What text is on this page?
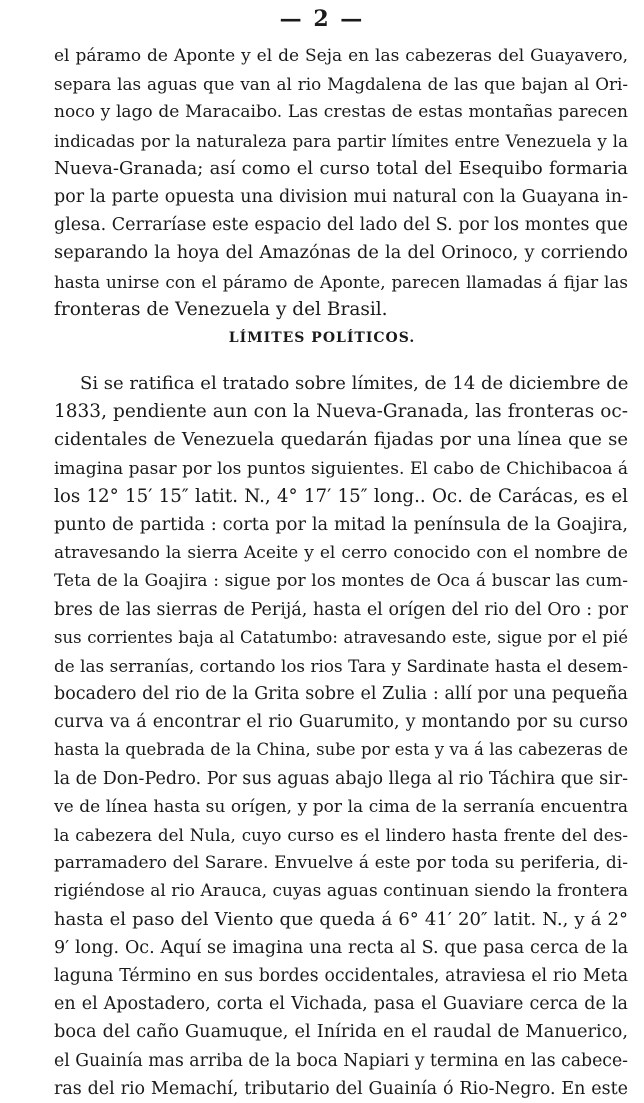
— 2 —
el páramo de Aponte y el de Seja en las cabezeras del Guayavero,
separa las aguas que van al rio Magdalena de las que bajan al Ori-
noco y lago de Maracaibo. Las crestas de estas montañas parecen
indicadas por la naturaleza para partir límites entre Venezuela y la
Nueva-Granada; así como el curso total del Esequibo formaria
por la parte opuesta una division mui natural con la Guayana in-
glesa. Cerraríase este espacio del lado del S. por los montes que
separando la hoya del Amazónas de la del Orinoco, y corriendo
hasta unirse con el páramo de Aponte, parecen llamadas á fijar las
fronteras de Venezuela y del Brasil.
LÍMITES POLÍTICOS.
Si se ratifica el tratado sobre límites, de 14 de diciembre de
1833, pendiente aun con la Nueva-Granada, las fronteras oc-
cidentales de Venezuela quedarán fijadas por una línea que se
imagina pasar por los puntos siguientes. El cabo de Chichibacoa á
los 12° 15′ 15″ latit. N., 4° 17′ 15″ long.. Oc. de Carácas, es el
punto de partida : corta por la mitad la península de la Goajira,
atravesando la sierra Aceite y el cerro conocido con el nombre de
Teta de la Goajira : sigue por los montes de Oca á buscar las cum-
bres de las sierras de Perijá, hasta el orígen del rio del Oro : por
sus corrientes baja al Catatumbo: atravesando este, sigue por el pié
de las serranías, cortando los rios Tara y Sardinate hasta el desem-
bocadero del rio de la Grita sobre el Zulia : allí por una pequeña
curva va á encontrar el rio Guarumito, y montando por su curso
hasta la quebrada de la China, sube por esta y va á las cabezeras de
la de Don-Pedro. Por sus aguas abajo llega al rio Táchira que sir-
ve de línea hasta su orígen, y por la cima de la serranía encuentra
la cabezera del Nula, cuyo curso es el lindero hasta frente del des-
parramadero del Sarare. Envuelve á este por toda su periferia, di-
rigiéndose al rio Arauca, cuyas aguas continuan siendo la frontera
hasta el paso del Viento que queda á 6° 41′ 20″ latit. N., y á 2°
9′ long. Oc. Aquí se imagina una recta al S. que pasa cerca de la
laguna Término en sus bordes occidentales, atraviesa el rio Meta
en el Apostadero, corta el Vichada, pasa el Guaviare cerca de la
boca del caño Guamuque, el Inírida en el raudal de Manuerico,
el Guainía mas arriba de la boca Napiari y termina en las cabece-
ras del rio Memachí, tributario del Guainía ó Rio-Negro. En este
